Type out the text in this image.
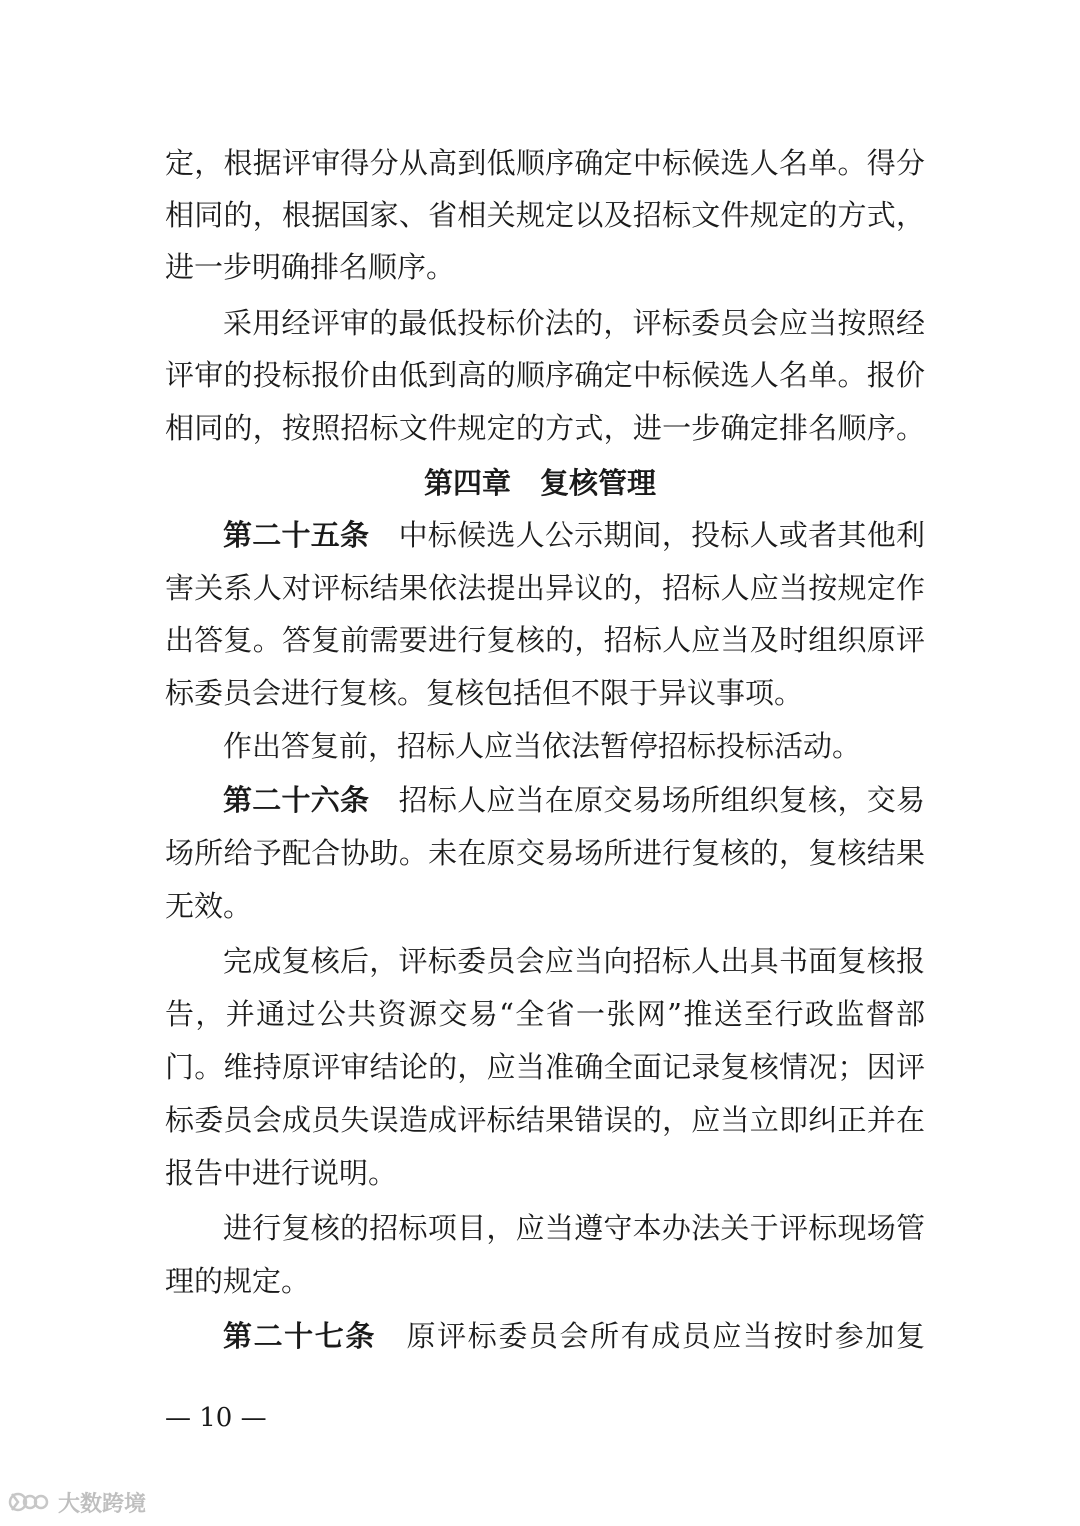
定，根据评审得分从高到低顺序确定中标候选人名单。得分
相同的，根据国家、省相关规定以及招标文件规定的方式，
进一步明确排名顺序。
采用经评审的最低投标价法的，评标委员会应当按照经
评审的投标报价由低到高的顺序确定中标候选人名单。报价
相同的，按照招标文件规定的方式，进一步确定排名顺序。
第四章　复核管理
第二十五条　 中标候选人公示期间，投标人或者其他利
害关系人对评标结果依法提出异议的，招标人应当按规定作
出答复。答复前需要进行复核的，招标人应当及时组织原评
标委员会进行复核。复核包括但不限于异议事项。
作出答复前，招标人应当依法暂停招标投标活动。
第二十六条　 招标人应当在原交易场所组织复核，交易
场所给予配合协助。未在原交易场所进行复核的，复核结果
无效。
完成复核后，评标委员会应当向招标人出具书面复核报
告，并通过公共资源交易“全省一张网”推送至行政监督部
门。维持原评审结论的，应当准确全面记录复核情况；因评
标委员会成员失误造成评标结果错误的，应当立即纠正并在
报告中进行说明。
进行复核的招标项目，应当遵守本办法关于评标现场管
理的规定。
第二十七条　 原评标委员会所有成员应当按时参加复
— 10 —
大数跨境
